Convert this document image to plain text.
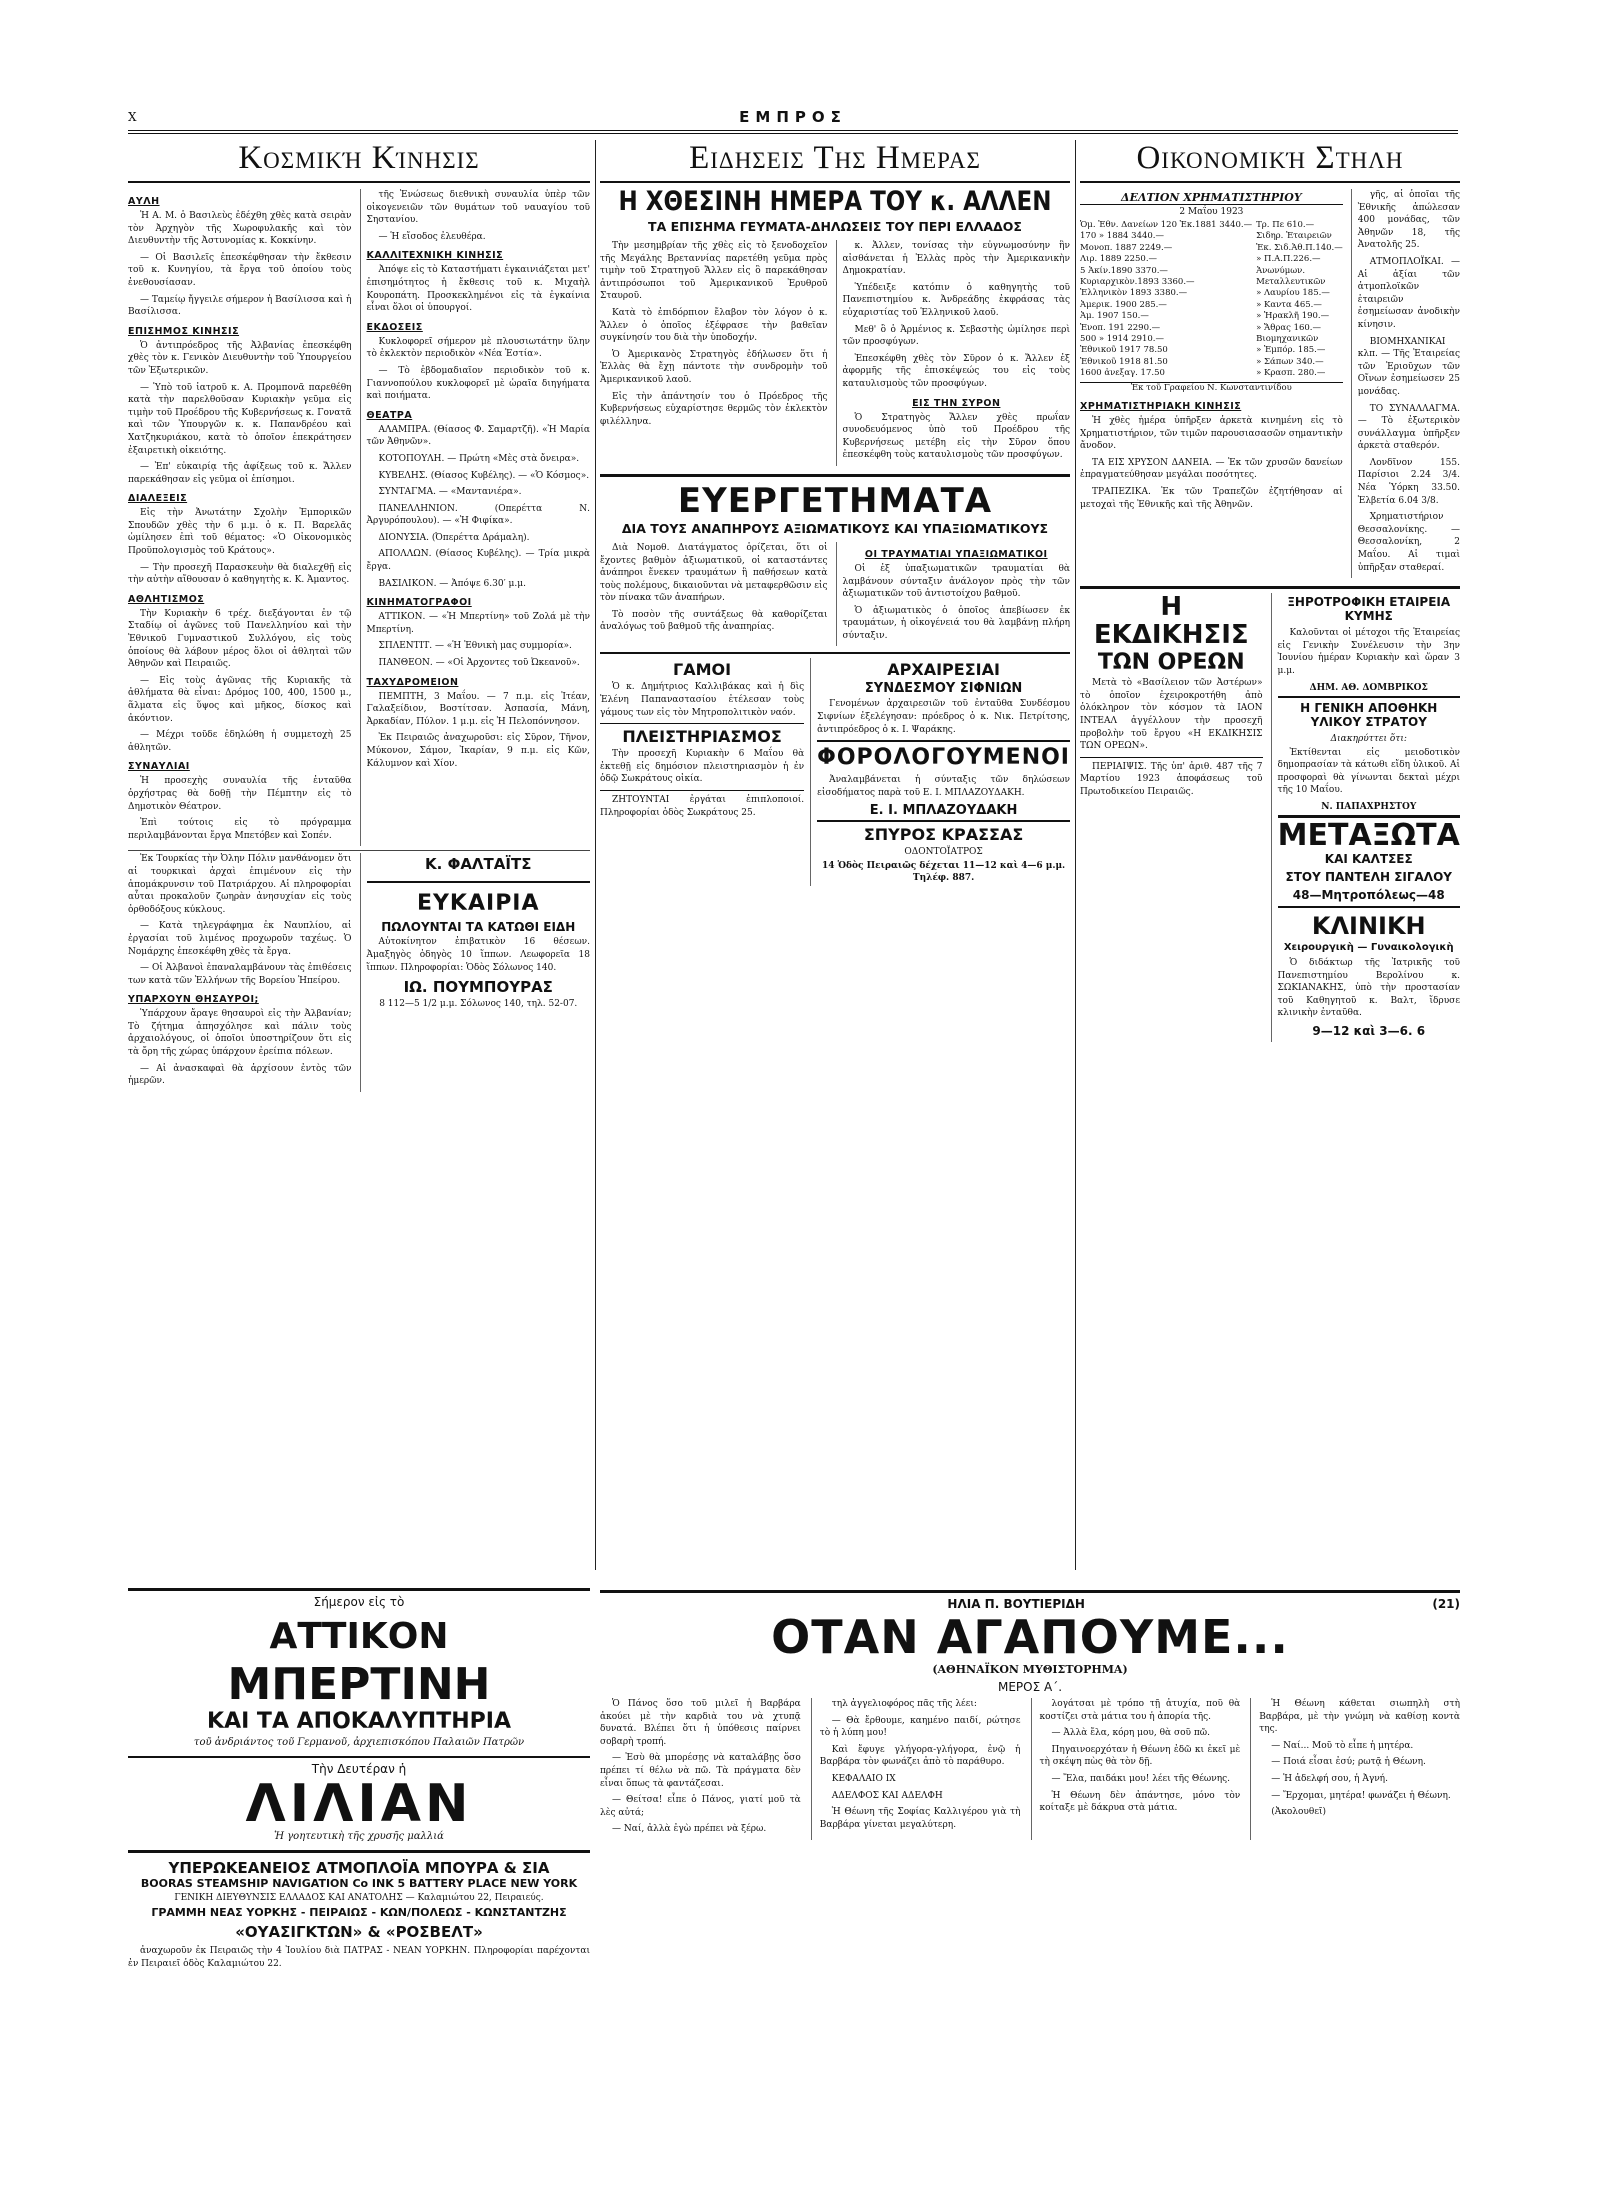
Χ	ΕΜΠΡΟΣ
Κοσμική Κίνησις
ΑΥΛΗ

Ἡ Α. Μ. ὁ Βασιλεὺς ἐδέχθη χθὲς κατὰ σειρὰν τὸν Ἀρχηγὸν τῆς Χωροφυλακῆς καὶ τὸν Διευθυντὴν τῆς Ἀστυνομίας κ. Κοκκίνην.

— Οἱ Βασιλεῖς ἐπεσκέφθησαν τὴν ἔκθεσιν τοῦ κ. Κυνηγίου, τὰ ἔργα τοῦ ὁποίου τοὺς ἐνεθουσίασαν.

— Ταμείῳ ἤγγειλε σήμερον ἡ Βασίλισσα καὶ ἡ Βασίλισσα.

ΕΠΙΣΗΜΟΣ ΚΙΝΗΣΙΣ

Ὁ ἀντιπρόεδρος τῆς Ἀλβανίας ἐπεσκέφθη χθὲς τὸν κ. Γενικὸν Διευθυντὴν τοῦ Ὑπουργείου τῶν Ἐξωτερικῶν.

— Ὑπὸ τοῦ ἰατροῦ κ. Α. Προμπονᾶ παρεθέθη κατὰ τὴν παρελθοῦσαν Κυριακὴν γεῦμα εἰς τιμὴν τοῦ Προέδρου τῆς Κυβερνήσεως κ. Γονατᾶ καὶ τῶν Ὑπουργῶν κ. κ. Παπανδρέου καὶ Χατζηκυριάκου, κατὰ τὸ ὁποῖον ἐπεκράτησεν ἐξαιρετικὴ οἰκειότης.

— Ἐπ' εὐκαιρίᾳ τῆς ἀφίξεως τοῦ κ. Ἄλλεν παρεκάθησαν εἰς γεῦμα οἱ ἐπίσημοι.

ΔΙΑΛΕΞΕΙΣ

Εἰς τὴν Ἀνωτάτην Σχολὴν Ἐμπορικῶν Σπουδῶν χθὲς τὴν 6 μ.μ. ὁ κ. Π. Βαρελᾶς ὡμίλησεν ἐπὶ τοῦ θέματος: «Ὁ Οἰκονομικὸς Προϋπολογισμὸς τοῦ Κράτους».

— Τὴν προσεχῆ Παρασκευὴν θὰ διαλεχθῇ εἰς τὴν αὐτὴν αἴθουσαν ὁ καθηγητὴς κ. Κ. Ἀμαντος.

ΑΘΛΗΤΙΣΜΟΣ

Τὴν Κυριακὴν 6 τρέχ. διεξάγονται ἐν τῷ Σταδίῳ οἱ ἀγῶνες τοῦ Πανελληνίου καὶ τὴν Ἐθνικοῦ Γυμναστικοῦ Συλλόγου, εἰς τοὺς ὁποίους θὰ λάβουν μέρος ὅλοι οἱ ἀθληταὶ τῶν Ἀθηνῶν καὶ Πειραιῶς.

— Εἰς τοὺς ἀγῶνας τῆς Κυριακῆς τὰ ἀθλήματα θὰ εἶναι: Δρόμος 100, 400, 1500 μ., ἅλματα εἰς ὕψος καὶ μῆκος, δίσκος καὶ ἀκόντιον.

— Μέχρι τοῦδε ἐδηλώθη ἡ συμμετοχὴ 25 ἀθλητῶν.

ΣΥΝΑΥΛΙΑΙ

Ἡ προσεχὴς συναυλία τῆς ἐνταῦθα ὀρχήστρας θὰ δοθῇ τὴν Πέμπτην εἰς τὸ Δημοτικὸν Θέατρον.

Ἐπὶ τούτοις εἰς τὸ πρόγραμμα περιλαμβάνονται ἔργα Μπετόβεν καὶ Σοπέν.

τῆς Ἐνώσεως διεθνικὴ συναυλία ὑπὲρ τῶν οἰκογενειῶν τῶν θυμάτων τοῦ ναυαγίου τοῦ Σηστανίου.

— Ἡ εἴσοδος ἐλευθέρα.

ΚΑΛΛΙΤΕΧΝΙΚΗ ΚΙΝΗΣΙΣ

Ἀπόψε εἰς τὸ Καταστήματι ἐγκαινιάζεται μετ' ἐπισημότητος ἡ ἔκθεσις τοῦ κ. Μιχαὴλ Κουροπάτη. Προσκεκλημένοι εἰς τὰ ἐγκαίνια εἶναι ὅλοι οἱ ὑπουργοί.

ΕΚΔΟΣΕΙΣ

Κυκλοφορεῖ σήμερον μὲ πλουσιωτάτην ὕλην τὸ ἐκλεκτὸν περιοδικὸν «Νέα Ἑστία».

— Τὸ ἑβδομαδιαῖον περιοδικὸν τοῦ κ. Γιαννοπούλου κυκλοφορεῖ μὲ ὡραῖα διηγήματα καὶ ποιήματα.

ΘΕΑΤΡΑ

ΑΛΑΜΠΡΑ. (Θίασος Φ. Σαμαρτζῆ). «Ἡ Μαρία τῶν Ἀθηνῶν».

ΚΟΤΟΠΟΥΛΗ. — Πρώτη «Μὲς στὰ ὄνειρα».

ΚΥΒΕΛΗΣ. (Θίασος Κυβέλης). — «Ὁ Κόσμος».

ΣΥΝΤΑΓΜΑ. — «Μαντανιέρα».

ΠΑΝΕΛΛΗΝΙΟΝ. (Οπερέττα Ν. Ἀργυρόπουλου). — «Ἡ Φιφίκα».

ΔΙΟΝΥΣΙΑ. (Ὀπερέττα Δράμαλη).

ΑΠΟΛΛΩΝ. (Θίασος Κυβέλης). — Τρία μικρὰ ἔργα.

ΒΑΣΙΛΙΚΟΝ. — Ἀπόψε 6.30′ μ.μ.

ΚΙΝΗΜΑΤΟΓΡΑΦΟΙ

ΑΤΤΙΚΟΝ. — «Ἡ Μπερτίνη» τοῦ Ζολά μὲ τὴν Μπερτίνη.

ΣΠΛΕΝΤΙΤ. — «Ἡ Ἐθνικὴ μας συμμορία».

ΠΑΝΘΕΟΝ. — «Οἱ Ἀρχοντες τοῦ Ὠκεανοῦ».

ΤΑΧΥΔΡΟΜΕΙΟΝ

ΠΕΜΠΤΗ, 3 Μαΐου. — 7 π.μ. εἰς Ἰτέαν, Γαλαξείδιον, Βοστίτσαν. Ἀσπασία, Μάνη, Ἀρκαδίαν, Πύλον. 1 μ.μ. εἰς Ἡ Πελοπόννησον.

Ἐκ Πειραιῶς ἀναχωροῦσι: εἰς Σῦρον, Τῆνον, Μύκονον, Σάμον, Ἰκαρίαν, 9 π.μ. εἰς Κῶν, Κάλυμνον καὶ Χίον.

Ἐκ Τουρκίας τὴν Ὀλην Πόλιν μανθάνομεν ὅτι αἱ τουρκικαὶ ἀρχαὶ ἐπιμένουν εἰς τὴν ἀπομάκρυνσιν τοῦ Πατριάρχου. Αἱ πληροφορίαι αὗται προκαλοῦν ζωηρὰν ἀνησυχίαν εἰς τοὺς ὀρθοδόξους κύκλους.

— Κατὰ τηλεγράφημα ἐκ Ναυπλίου, αἱ ἐργασίαι τοῦ λιμένος προχωροῦν ταχέως. Ὁ Νομάρχης ἐπεσκέφθη χθὲς τὰ ἔργα.

— Οἱ Ἀλβανοὶ ἐπαναλαμβάνουν τὰς ἐπιθέσεις των κατὰ τῶν Ἑλλήνων τῆς Βορείου Ἠπείρου.

ΥΠΑΡΧΟΥΝ ΘΗΣΑΥΡΟΙ;

Ὑπάρχουν ἄραγε θησαυροὶ εἰς τὴν Ἀλβανίαν; Τὸ ζήτημα ἀπησχόλησε καὶ πάλιν τοὺς ἀρχαιολόγους, οἱ ὁποῖοι ὑποστηρίζουν ὅτι εἰς τὰ ὄρη τῆς χώρας ὑπάρχουν ἐρείπια πόλεων.

— Αἱ ἀνασκαφαὶ θὰ ἀρχίσουν ἐντὸς τῶν ἡμερῶν.

Κ. ΦΑΛΤΑΪΤΣ
ΕΥΚΑΙΡΙΑ
ΠΩΛΟΥΝΤΑΙ ΤΑ ΚΑΤΩΘΙ ΕΙΔΗ

Αὐτοκίνητον ἐπιβατικὸν 16 θέσεων. Ἀμαξηγὸς ὁδηγὸς 10 ἵππων. Λεωφορεῖα 18 ἵππων. Πληροφορίαι: Ὁδὸς Σόλωνος 140.

ΙΩ. ΠΟΥΜΠΟΥΡΑΣ
8 112—5 1/2 μ.μ. Σόλωνος 140, τηλ. 52-07.
Ειδησεις Της Ημερας
Η ΧΘΕΣΙΝΗ ΗΜΕΡΑ ΤΟΥ κ. ΑΛΛΕΝ
ΤΑ ΕΠΙΣΗΜΑ ΓΕΥΜΑΤΑ-ΔΗΛΩΣΕΙΣ ΤΟΥ ΠΕΡΙ ΕΛΛΑΔΟΣ

Τὴν μεσημβρίαν τῆς χθὲς εἰς τὸ ξενοδοχεῖον τῆς Μεγάλης Βρεταννίας παρετέθη γεῦμα πρὸς τιμὴν τοῦ Στρατηγοῦ Ἄλλεν εἰς ὃ παρεκάθησαν ἀντιπρόσωποι τοῦ Ἀμερικανικοῦ Ἐρυθροῦ Σταυροῦ.

Κατὰ τὸ ἐπιδόρπιον ἔλαβον τὸν λόγον ὁ κ. Ἄλλεν ὁ ὁποῖος ἐξέφρασε τὴν βαθεῖαν συγκίνησίν του διὰ τὴν ὑποδοχήν.

Ὁ Ἀμερικανὸς Στρατηγὸς ἐδήλωσεν ὅτι ἡ Ἑλλὰς θὰ ἔχῃ πάντοτε τὴν συνδρομὴν τοῦ Ἀμερικανικοῦ λαοῦ.

Εἰς τὴν ἀπάντησίν του ὁ Πρόεδρος τῆς Κυβερνήσεως εὐχαρίστησε θερμῶς τὸν ἐκλεκτὸν φιλέλληνα.

κ. Ἀλλεν, τονίσας τὴν εὐγνωμοσύνην ἣν αἰσθάνεται ἡ Ἑλλὰς πρὸς τὴν Ἀμερικανικὴν Δημοκρατίαν.

Ὑπέδειξε κατόπιν ὁ καθηγητὴς τοῦ Πανεπιστημίου κ. Ἀνδρεάδης ἐκφράσας τὰς εὐχαριστίας τοῦ Ἑλληνικοῦ λαοῦ.

Μεθ' ὃ ὁ Ἀρμένιος κ. Σεβαστὴς ὡμίλησε περὶ τῶν προσφύγων.

Ἐπεσκέφθη χθὲς τὸν Σῦρον ὁ κ. Ἄλλεν ἐξ ἀφορμῆς τῆς ἐπισκέψεώς του εἰς τοὺς καταυλισμοὺς τῶν προσφύγων.

ΕΙΣ ΤΗΝ ΣΥΡΟΝ

Ὁ Στρατηγὸς Ἄλλεν χθὲς πρωΐαν συνοδευόμενος ὑπὸ τοῦ Προέδρου τῆς Κυβερνήσεως μετέβη εἰς τὴν Σῦρον ὅπου ἐπεσκέφθη τοὺς καταυλισμοὺς τῶν προσφύγων.

ΕΥΕΡΓΕΤΗΜΑΤΑ
ΔΙΑ ΤΟΥΣ ΑΝΑΠΗΡΟΥΣ ΑΞΙΩΜΑΤΙΚΟΥΣ ΚΑΙ ΥΠΑΞΙΩΜΑΤΙΚΟΥΣ

Διὰ Νομοθ. Διατάγματος ὁρίζεται, ὅτι οἱ ἔχοντες βαθμὸν ἀξιωματικοῦ, οἱ καταστάντες ἀνάπηροι ἕνεκεν τραυμάτων ἢ παθήσεων κατὰ τοὺς πολέμους, δικαιοῦνται νὰ μεταφερθῶσιν εἰς τὸν πίνακα τῶν ἀναπήρων.

Τὸ ποσὸν τῆς συντάξεως θὰ καθορίζεται ἀναλόγως τοῦ βαθμοῦ τῆς ἀναπηρίας.

ΟΙ ΤΡΑΥΜΑΤΙΑΙ ΥΠΑΞΙΩΜΑΤΙΚΟΙ

Οἱ ἐξ ὑπαξιωματικῶν τραυματίαι θὰ λαμβάνουν σύνταξιν ἀνάλογον πρὸς τὴν τῶν ἀξιωματικῶν τοῦ ἀντιστοίχου βαθμοῦ.

Ὁ ἀξιωματικὸς ὁ ὁποῖος ἀπεβίωσεν ἐκ τραυμάτων, ἡ οἰκογένειά του θὰ λαμβάνῃ πλήρη σύνταξιν.

ΓΑΜΟΙ

Ὁ κ. Δημήτριος Καλλιβάκας καὶ ἡ δὶς Ἑλένη Παπαναστασίου ἐτέλεσαν τοὺς γάμους των εἰς τὸν Μητροπολιτικὸν ναόν.

ΠΛΕΙΣΤΗΡΙΑΣΜΟΣ

Τὴν προσεχῆ Κυριακὴν 6 Μαΐου θὰ ἐκτεθῇ εἰς δημόσιον πλειστηριασμὸν ἡ ἐν ὁδῷ Σωκράτους οἰκία.

ΖΗΤΟΥΝΤΑΙ ἐργάται ἐπιπλοποιοί. Πληροφορίαι ὁδὸς Σωκράτους 25.

ΑΡΧΑΙΡΕΣΙΑΙ
ΣΥΝΔΕΣΜΟΥ ΣΙΦΝΙΩΝ

Γενομένων ἀρχαιρεσιῶν τοῦ ἐνταῦθα Συνδέσμου Σιφνίων ἐξελέγησαν: πρόεδρος ὁ κ. Νικ. Πετρίτσης, ἀντιπρόεδρος ὁ κ. Ι. Ψαράκης.

ΦΟΡΟΛΟΓΟΥΜΕΝΟΙ

Ἀναλαμβάνεται ἡ σύνταξις τῶν δηλώσεων εἰσοδήματος παρὰ τοῦ Ε. Ι. ΜΠΛΑΖΟΥΔΑΚΗ.

Ε. Ι. ΜΠΛΑΖΟΥΔΑΚΗ
ΣΠΥΡΟΣ ΚΡΑΣΣΑΣ
ΟΔΟΝΤΟΪΑΤΡΟΣ
14 Ὁδὸς Πειραιῶς δέχεται 11—12 καὶ 4—6 μ.μ. Τηλέφ. 887.
Οικονομική Στηλη
ΔΕΛΤΙΟΝ ΧΡΗΜΑΤΙΣΤΗΡΙΟΥ
2 Μαΐου 1923
Ὁμ. Ἐθν. Δανείων 120 Ἐκ.1881 3440.—
170 » 1884 3440.—
Μονοπ. 1887 2249.—
Λιρ. 1889 2250.—
5 Ἀκίν.1890 3370.—
Κυριαρχικὸν.1893 3360.—
Ἐλληνικὸν 1893 3380.—
Ἀμερικ. 1900 285.—
Ἀμ. 1907 150.—
Ἑνοπ. 191 2290.—
500 » 1914 2910.—
Ἐθνικοῦ 1917 78.50
Ἐθνικοῦ 1918 81.50
1600 ἀνεξαγ. 17.50
Τρ. Πε 610.—
Σιδηρ. Ἑταιρειῶν
Ἐκ. Σιδ.Ἀθ.Π.140.—
» Π.Α.Π.226.—
Ἀνωνύμων.
Μεταλλευτικῶν
» Λαυρίου 185.—
» Καντα 465.—
» Ἡρακλῆ 190.—
» Ἄθρας 160.—
Βιομηχανικῶν
» Ἐμπόρ. 185.—
» Σάπων 340.—
» Κρασπ. 280.—
Ἐκ τοῦ Γραφείου Ν. Κωνσταντινίδου
ΧΡΗΜΑΤΙΣΤΗΡΙΑΚΗ ΚΙΝΗΣΙΣ

Ἡ χθὲς ἡμέρα ὑπῆρξεν ἀρκετὰ κινημένη εἰς τὸ Χρηματιστήριον, τῶν τιμῶν παρουσιασασῶν σημαντικὴν ἄνοδον.

ΤΑ ΕΙΣ ΧΡΥΣΟΝ ΔΑΝΕΙΑ. — Ἐκ τῶν χρυσῶν δανείων ἐπραγματεύθησαν μεγάλαι ποσότητες.

ΤΡΑΠΕΖΙΚΑ. Ἐκ τῶν Τραπεζῶν ἐζητήθησαν αἱ μετοχαὶ τῆς Ἐθνικῆς καὶ τῆς Ἀθηνῶν.

γῆς, αἱ ὁποῖαι τῆς Ἐθνικῆς ἀπώλεσαν 400 μονάδας, τῶν Ἀθηνῶν 18, τῆς Ἀνατολῆς 25.

ΑΤΜΟΠΛΟΪΚΑΙ. — Αἱ ἀξίαι τῶν ἀτμοπλοϊκῶν ἑταιρειῶν ἐσημείωσαν ἀνοδικὴν κίνησιν.

ΒΙΟΜΗΧΑΝΙΚΑΙ κλπ. — Τῆς Ἐταιρείας τῶν Ἐριοῦχων τῶν Οἴνων ἐσημείωσεν 25 μονάδας.

ΤΟ ΣΥΝΑΛΛΑΓΜΑ. — Τὸ ἐξωτερικὸν συνάλλαγμα ὑπῆρξεν ἀρκετὰ σταθερόν.

Λονδῖνον 155. Παρίσιοι 2.24 3/4. Νέα Ὑόρκη 33.50. Ἑλβετία 6.04 3/8.

Χρηματιστήριον Θεσσαλονίκης. — Θεσσαλονίκη, 2 Μαΐου. Αἱ τιμαὶ ὑπῆρξαν σταθεραί.

Η ΕΚΔΙΚΗΣΙΣ
ΤΩΝ ΟΡΕΩΝ

Μετὰ τὸ «Βασίλειον τῶν Ἀστέρων» τὸ ὁποῖον ἐχειροκροτήθη ἀπὸ ὁλόκληρον τὸν κόσμον τὰ ΙΑΟΝ ΙΝΤΕΑΛ ἀγγέλλουν τὴν προσεχῆ προβολὴν τοῦ ἔργου «Η ΕΚΔΙΚΗΣΙΣ ΤΩΝ ΟΡΕΩΝ».

ΠΕΡΙΑΙΨΙΣ. Τῆς ὑπ' ἀριθ. 487 τῆς 7 Μαρτίου 1923 ἀποφάσεως τοῦ Πρωτοδικείου Πειραιῶς.

ΞΗΡΟΤΡΟΦΙΚΗ ΕΤΑΙΡΕΙΑ ΚΥΜΗΣ

Καλοῦνται οἱ μέτοχοι τῆς Ἑταιρείας εἰς Γενικὴν Συνέλευσιν τὴν 3ην Ἰουνίου ἡμέραν Κυριακὴν καὶ ὥραν 3 μ.μ.

ΔΗΜ. ΑΘ. ΔΟΜΒΡΙΚΟΣ
Η ΓΕΝΙΚΗ ΑΠΟΘΗΚΗ ΥΛΙΚΟΥ ΣΤΡΑΤΟΥ
Διακηρύττει ὅτι:

Ἐκτίθενται εἰς μειοδοτικὸν δημοπρασίαν τὰ κάτωθι εἴδη ὑλικοῦ. Αἱ προσφοραὶ θὰ γίνωνται δεκταὶ μέχρι τῆς 10 Μαΐου.

Ν. ΠΑΠΑΧΡΗΣΤΟΥ
ΜΕΤΑΞΩΤΑ
ΚΑΙ ΚΑΛΤΣΕΣ
ΣΤΟΥ ΠΑΝΤΕΛΗ ΣΙΓΑΛΟΥ
48—Μητροπόλεως—48
ΚΛΙΝΙΚΗ
Χειρουργικὴ — Γυναικολογικὴ

Ὁ διδάκτωρ τῆς Ἰατρικῆς τοῦ Πανεπιστημίου Βερολίνου κ. ΣΩΚΙΑΝΑΚΗΣ, ὑπὸ τὴν προστασίαν τοῦ Καθηγητοῦ κ. Βαλτ, ἵδρυσε κλινικὴν ἐνταῦθα.

9—12 καὶ 3—6. 6
Σήμερον εἰς τὸ
ΑΤΤΙΚΟΝ
ΜΠΕΡΤΙΝΗ
ΚΑΙ ΤΑ ΑΠΟΚΑΛΥΠΤΗΡΙΑ
τοῦ ἀνδριάντος τοῦ Γερμανοῦ, ἀρχιεπισκόπου Παλαιῶν Πατρῶν
Τὴν Δευτέραν ἡ
ΛΙΛΙΑΝ
Ἡ γοητευτικὴ τῆς χρυσῆς μαλλιά
ΥΠΕΡΩΚΕΑΝΕΙΟΣ ΑΤΜΟΠΛΟΪΑ ΜΠΟΥΡΑ & ΣΙΑ
BOORAS STEAMSHIP NAVIGATION Co INK 5 BATTERY PLACE NEW YORK
ΓΕΝΙΚΗ ΔΙΕΥΘΥΝΣΙΣ ΕΛΛΑΔΟΣ ΚΑΙ ΑΝΑΤΟΛΗΣ — Καλαμιώτου 22, Πειραιεύς.
ΓΡΑΜΜΗ ΝΕΑΣ ΥΟΡΚΗΣ - ΠΕΙΡΑΙΩΣ - ΚΩΝ/ΠΟΛΕΩΣ - ΚΩΝΣΤΑΝΤΖΗΣ
«ΟΥΑΣΙΓΚΤΩΝ» & «ΡΟΣΒΕΛΤ»

ἀναχωροῦν ἐκ Πειραιῶς τὴν 4 Ἰουλίου διὰ ΠΑΤΡΑΣ - ΝΕΑΝ ΥΟΡΚΗΝ. Πληροφορίαι παρέχονται ἐν Πειραιεῖ ὁδὸς Καλαμιώτου 22.

ΗΛΙΑ Π. ΒΟΥΤΙΕΡΙΔΗ	(21)
ΟΤΑΝ ΑΓΑΠΟΥΜΕ...
(ΑΘΗΝΑΪΚΟΝ ΜΥΘΙΣΤΟΡΗΜΑ)
ΜΕΡΟΣ Α΄.

Ὁ Πάνος ὅσο τοῦ μιλεῖ ἡ Βαρβάρα ἀκούει μὲ τὴν καρδιὰ του νὰ χτυπᾷ δυνατά. Βλέπει ὅτι ἡ ὑπόθεσις παίρνει σοβαρὴ τροπή.

— Ἐσὺ θὰ μπορέσῃς νὰ καταλάβῃς ὅσο πρέπει τί θέλω νὰ πῶ. Τὰ πράγματα δὲν εἶναι ὅπως τὰ φαντάζεσαι.

— Θείτσα! εἶπε ὁ Πάνος, γιατί μοῦ τὰ λὲς αὐτά;

— Ναί, ἀλλὰ ἐγὼ πρέπει νὰ ξέρω.

τηλ ἀγγελιοφόρος πᾶς τῆς λέει:

— Θὰ ἔρθουμε, καημένο παιδί, ρώτησε τὸ ἡ λύπη μου!

Καὶ ἔφυγε γλήγορα-γλήγορα, ἐνῷ ἡ Βαρβάρα τὸν φωνάζει ἀπὸ τὸ παράθυρο.

ΚΕΦΑΛΑΙΟ IX

ΑΔΕΛΦΟΣ ΚΑΙ ΑΔΕΛΦΗ

Ἡ Θέωνη τῆς Σοφίας Καλλιγέρου γιὰ τὴ Βαρβάρα γίνεται μεγαλύτερη.

λογάτσαι μὲ τρόπο τῇ ἀτυχία, ποῦ θὰ κοστίζει στὰ μάτια του ἡ ἀπορία τῆς.

— Ἀλλὰ ἔλα, κόρη μου, θὰ σοῦ πῶ.

Πηγαινοερχόταν ἡ Θέωνη ἐδῶ κι ἐκεῖ μὲ τὴ σκέψη πὼς θὰ τὸν δῇ.

— Ἔλα, παιδάκι μου! λέει τῆς Θέωνης.

Ἡ Θέωνη δὲν ἀπάντησε, μόνο τὸν κοίταξε μὲ δάκρυα στὰ μάτια.

Ἡ Θέωνη κάθεται σιωπηλὴ στὴ Βαρβάρα, μὲ τὴν γνώμη νὰ καθίσῃ κοντὰ της.

— Ναί... Μοῦ τὸ εἶπε ἡ μητέρα.

— Ποιά εἶσαι ἐσύ; ρωτᾷ ἡ Θέωνη.

— Ἡ ἀδελφή σου, ἡ Ἀγνή.

— Ἔρχομαι, μητέρα! φωνάζει ἡ Θέωνη.

(Ἀκολουθεῖ)
